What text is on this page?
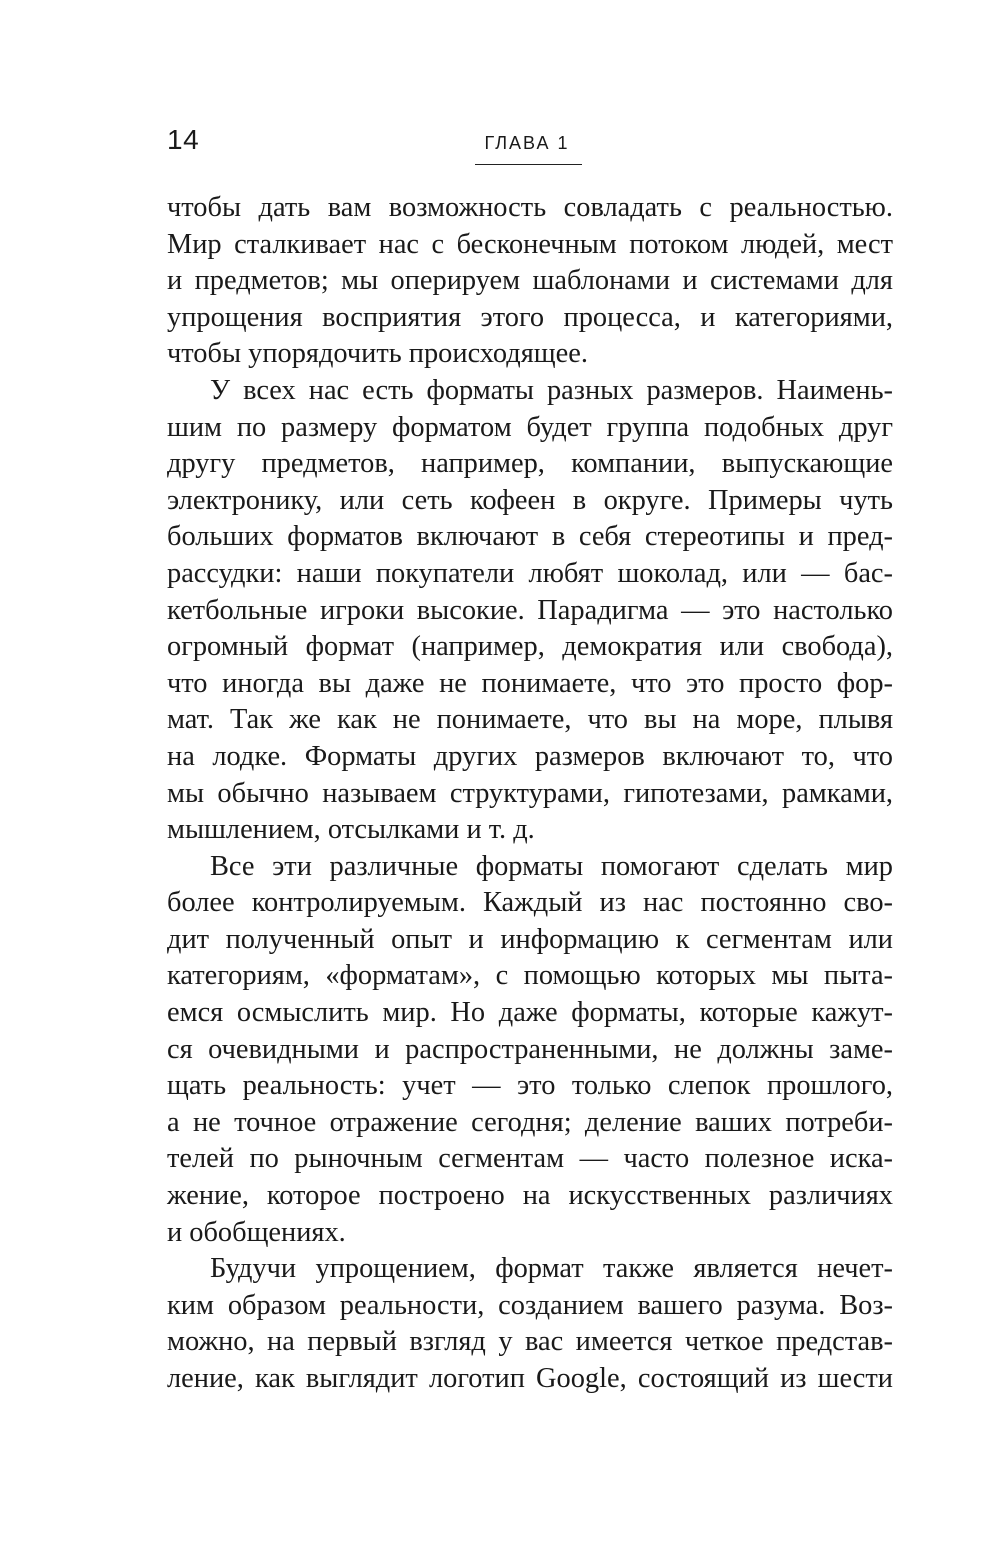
14	ГЛАВА 1
чтобы дать вам возможность совладать с реальностью.
Мир сталкивает нас с бесконечным потоком людей, мест
и предметов; мы оперируем шаблонами и системами для
упрощения восприятия этого процесса, и категориями,
чтобы упорядочить происходящее.
У всех нас есть форматы разных размеров. Наимень-
шим по размеру форматом будет группа подобных друг
другу предметов, например, компании, выпускающие
электронику, или сеть кофеен в округе. Примеры чуть
больших форматов включают в себя стереотипы и пред-
рассудки: наши покупатели любят шоколад, или — бас-
кетбольные игроки высокие. Парадигма — это настолько
огромный формат (например, демократия или свобода),
что иногда вы даже не понимаете, что это просто фор-
мат. Так же как не понимаете, что вы на море, плывя
на лодке. Форматы других размеров включают то, что
мы обычно называем структурами, гипотезами, рамками,
мышлением, отсылками и т. д.
Все эти различные форматы помогают сделать мир
более контролируемым. Каждый из нас постоянно сво-
дит полученный опыт и информацию к сегментам или
категориям, «форматам», с помощью которых мы пыта-
емся осмыслить мир. Но даже форматы, которые кажут-
ся очевидными и распространенными, не должны заме-
щать реальность: учет — это только слепок прошлого,
а не точное отражение сегодня; деление ваших потреби-
телей по рыночным сегментам — часто полезное иска-
жение, которое построено на искусственных различиях
и обобщениях.
Будучи упрощением, формат также является нечет-
ким образом реальности, созданием вашего разума. Воз-
можно, на первый взгляд у вас имеется четкое представ-
ление, как выглядит логотип Google, состоящий из шести
